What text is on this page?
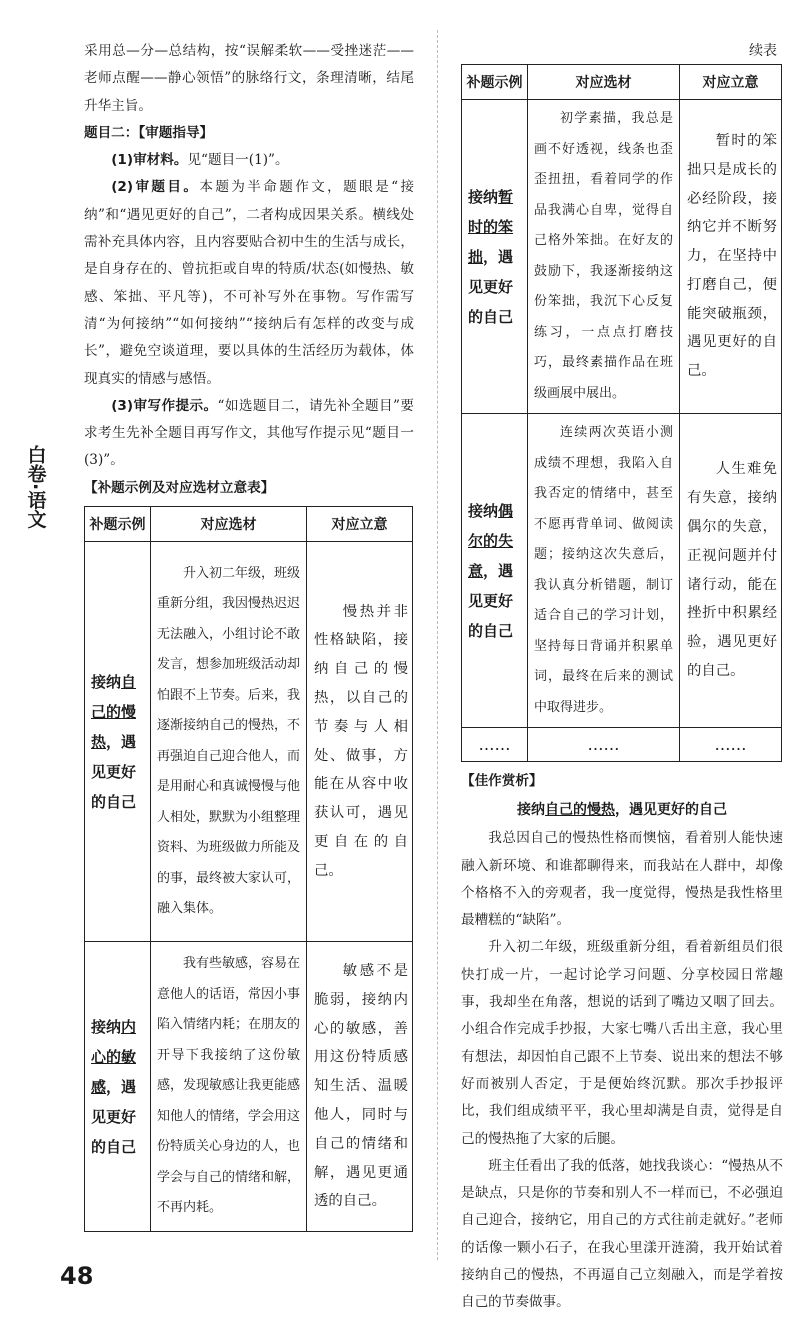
白卷·语文
48

采用总—分—总结构，按“误解柔软——受挫迷茫——老师点醒——静心领悟”的脉络行文，条理清晰，结尾升华主旨。

题目二：【审题指导】

(1)审材料。见“题目一(1)”。

(2)审题目。本题为半命题作文，题眼是“接纳”和“遇见更好的自己”，二者构成因果关系。横线处需补充具体内容，且内容要贴合初中生的生活与成长，是自身存在的、曾抗拒或自卑的特质/状态(如慢热、敏感、笨拙、平凡等)，不可补写外在事物。写作需写清“为何接纳”“如何接纳”“接纳后有怎样的改变与成长”，避免空谈道理，要以具体的生活经历为载体，体现真实的情感与感悟。

(3)审写作提示。“如选题目二，请先补全题目”要求考生先补全题目再写作文，其他写作提示见“题目一(3)”。

【补题示例及对应选材立意表】

补题示例	对应选材	对应立意
接纳自己的慢热，遇见更好的自己	升入初二年级，班级重新分组，我因慢热迟迟无法融入，小组讨论不敢发言，想参加班级活动却怕跟不上节奏。后来，我逐渐接纳自己的慢热，不再强迫自己迎合他人，而是用耐心和真诚慢慢与他人相处，默默为小组整理资料、为班级做力所能及的事，最终被大家认可，融入集体。	慢热并非性格缺陷，接纳自己的慢热，以自己的节奏与人相处、做事，方能在从容中收获认可，遇见更自在的自己。

接纳内心的敏感，遇见更好的自己	我有些敏感，容易在意他人的话语，常因小事陷入情绪内耗；在朋友的开导下我接纳了这份敏感，发现敏感让我更能感知他人的情绪，学会用这份特质关心身边的人，也学会与自己的情绪和解，不再内耗。	敏感不是脆弱，接纳内心的敏感，善用这份特质感知生活、温暖他人，同时与自己的情绪和解，遇见更通透的自己。

续表

补题示例	对应选材	对应立意
接纳暂时的笨拙，遇见更好的自己	初学素描，我总是画不好透视，线条也歪歪扭扭，看着同学的作品我满心自卑，觉得自己格外笨拙。在好友的鼓励下，我逐渐接纳这份笨拙，我沉下心反复练习，一点点打磨技巧，最终素描作品在班级画展中展出。	暂时的笨拙只是成长的必经阶段，接纳它并不断努力，在坚持中打磨自己，便能突破瓶颈，遇见更好的自己。

接纳偶尔的失意，遇见更好的自己	连续两次英语小测成绩不理想，我陷入自我否定的情绪中，甚至不愿再背单词、做阅读题；接纳这次失意后，我认真分析错题，制订适合自己的学习计划，坚持每日背诵并积累单词，最终在后来的测试中取得进步。	人生难免有失意，接纳偶尔的失意，正视问题并付诸行动，能在挫折中积累经验，遇见更好的自己。

……	……	……

【佳作赏析】

接纳自己的慢热，遇见更好的自己

我总因自己的慢热性格而懊恼，看着别人能快速融入新环境、和谁都聊得来，而我站在人群中，却像个格格不入的旁观者，我一度觉得，慢热是我性格里最糟糕的“缺陷”。

升入初二年级，班级重新分组，看着新组员们很快打成一片，一起讨论学习问题、分享校园日常趣事，我却坐在角落，想说的话到了嘴边又咽了回去。小组合作完成手抄报，大家七嘴八舌出主意，我心里有想法，却因怕自己跟不上节奏、说出来的想法不够好而被别人否定，于是便始终沉默。那次手抄报评比，我们组成绩平平，我心里却满是自责，觉得是自己的慢热拖了大家的后腿。

班主任看出了我的低落，她找我谈心：“慢热从不是缺点，只是你的节奏和别人不一样而已，不必强迫自己迎合，接纳它，用自己的方式往前走就好。”老师的话像一颗小石子，在我心里漾开涟漪，我开始试着接纳自己的慢热，不再逼自己立刻融入，而是学着按自己的节奏做事。
